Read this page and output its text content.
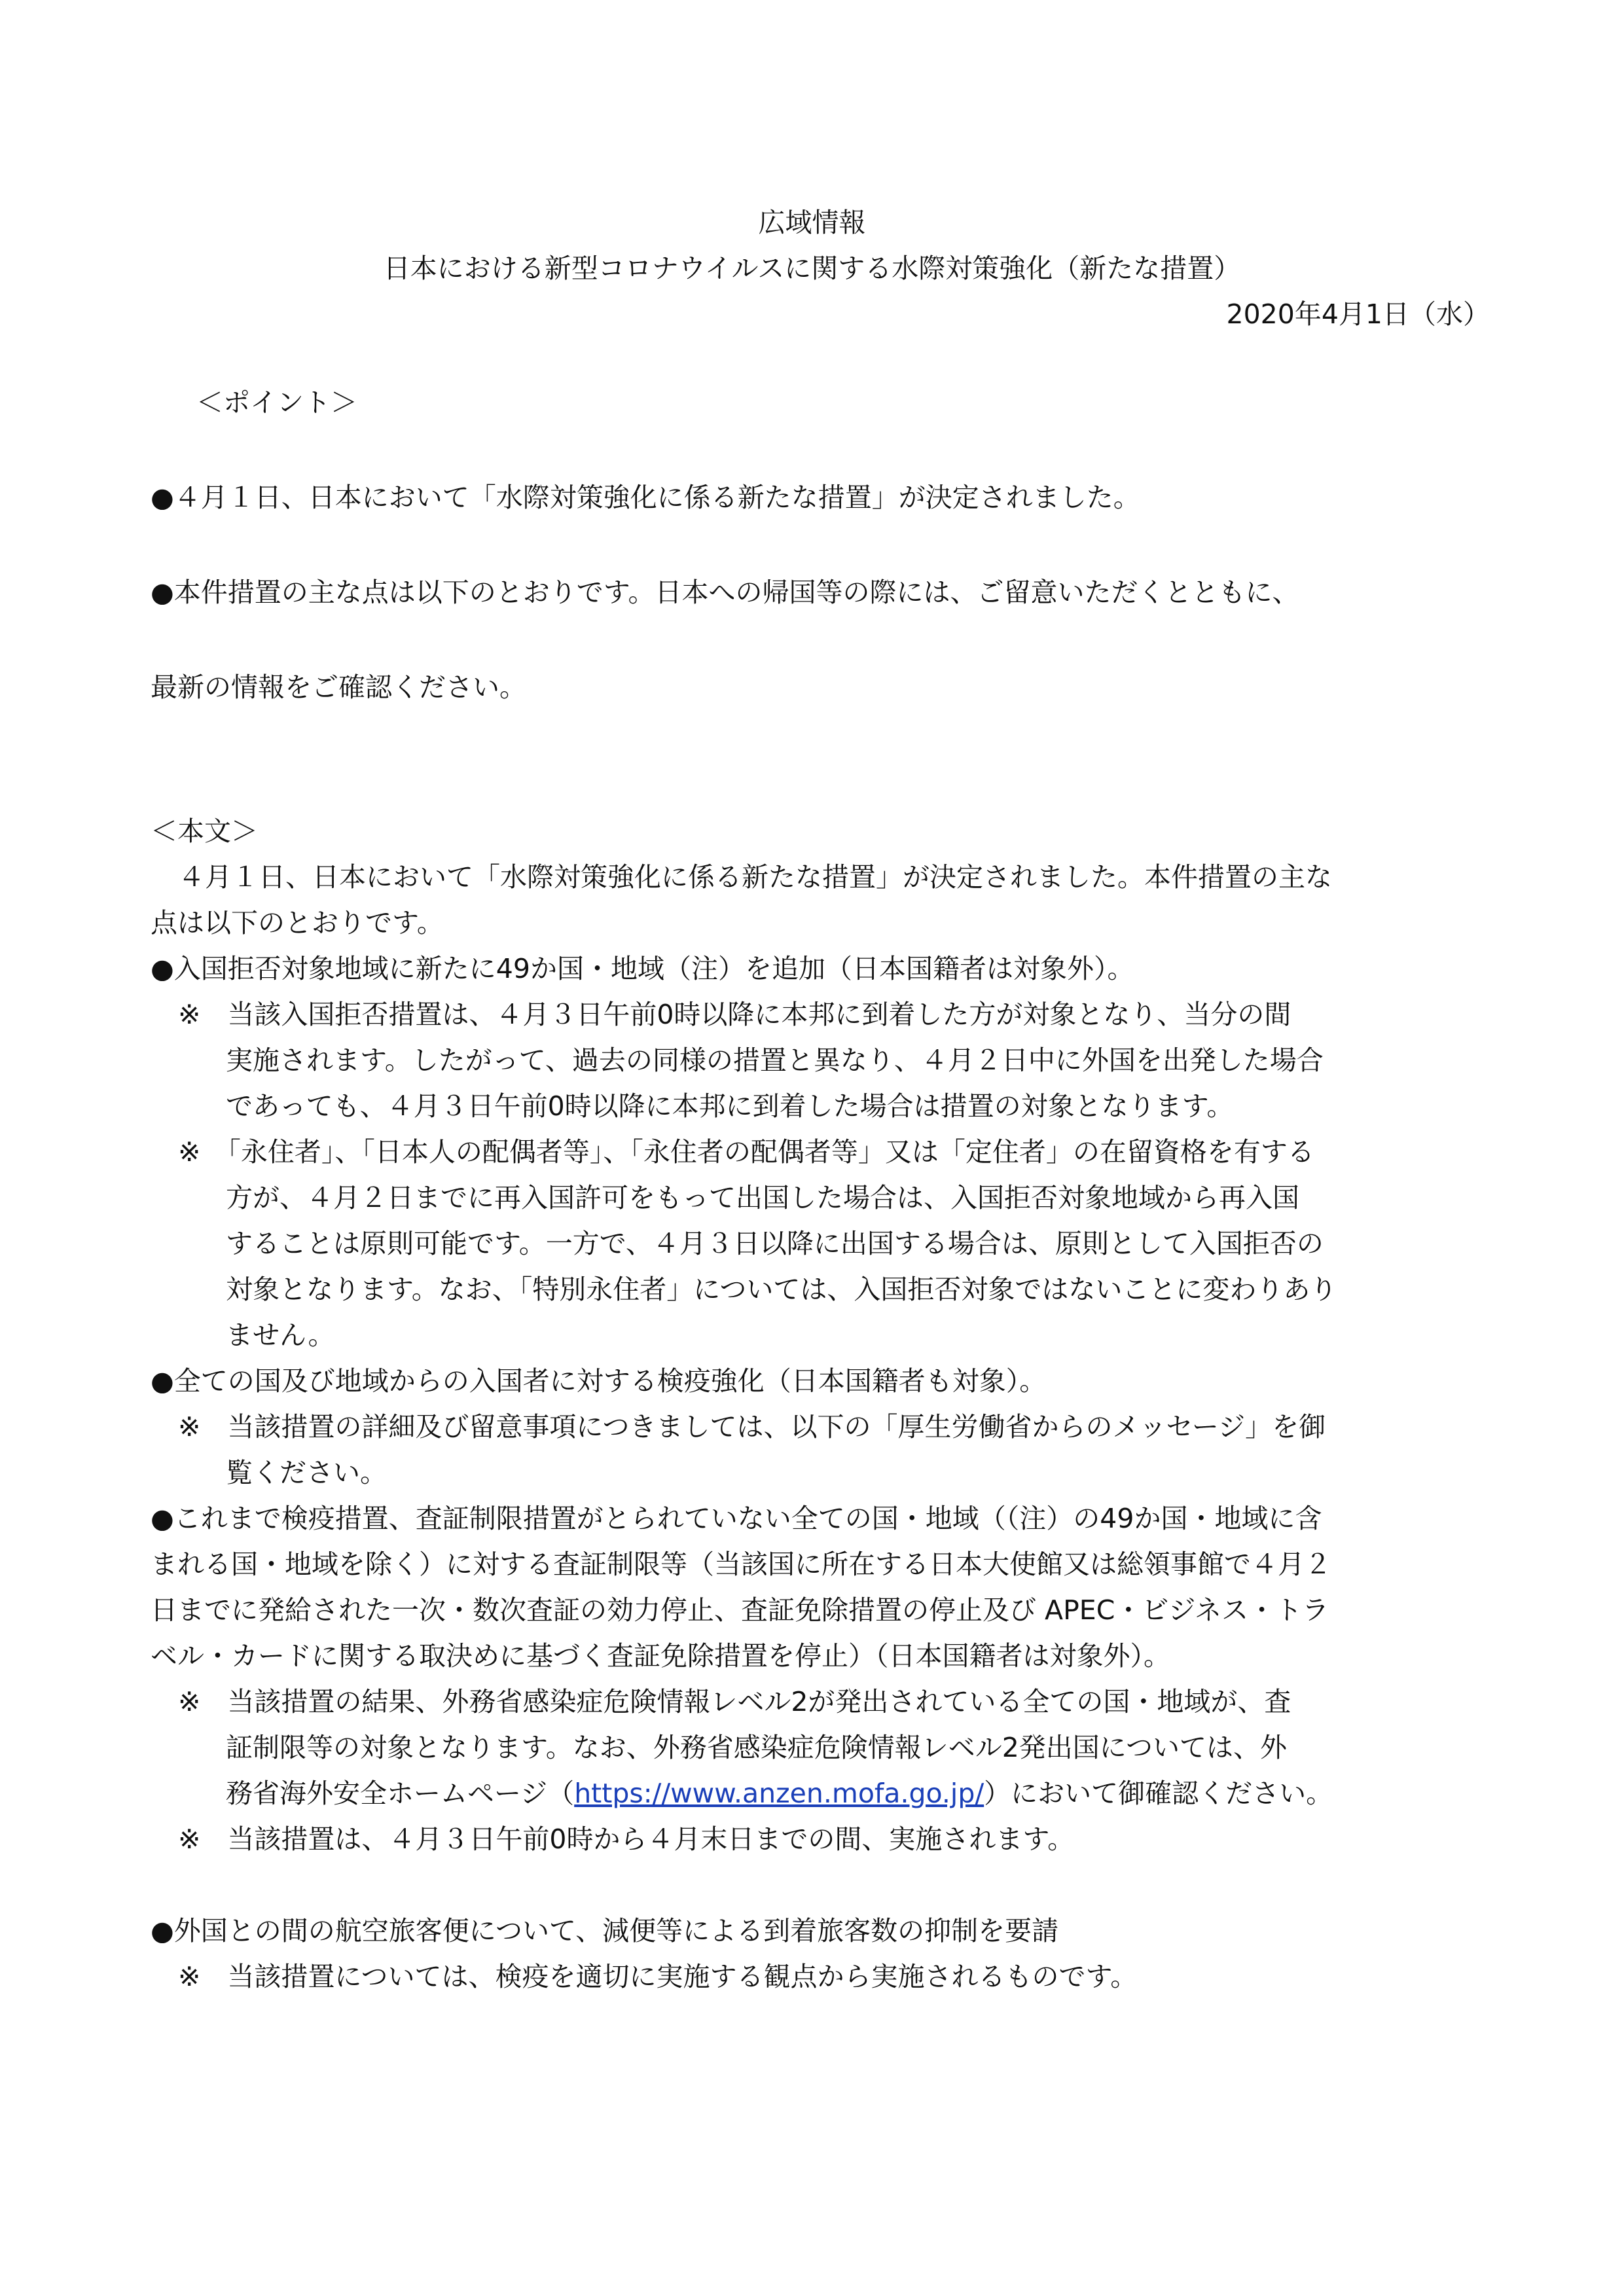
広域情報

日本における新型コロナウイルスに関する水際対策強化（新たな措置）

2020年4月1日（水）

＜ポイント＞

●４月１日、日本において「水際対策強化に係る新たな措置」が決定されました。

●本件措置の主な点は以下のとおりです。日本への帰国等の際には、ご留意いただくとともに、

最新の情報をご確認ください。

＜本文＞

４月１日、日本において「水際対策強化に係る新たな措置」が決定されました。本件措置の主な

点は以下のとおりです。

●入国拒否対象地域に新たに49か国・地域（注）を追加（日本国籍者は対象外）。

※　当該入国拒否措置は、４月３日午前0時以降に本邦に到着した方が対象となり、当分の間

実施されます。したがって、過去の同様の措置と異なり、４月２日中に外国を出発した場合

であっても、４月３日午前0時以降に本邦に到着した場合は措置の対象となります。

※　「永住者」、「日本人の配偶者等」、「永住者の配偶者等」又は「定住者」の在留資格を有する

方が、４月２日までに再入国許可をもって出国した場合は、入国拒否対象地域から再入国

することは原則可能です。一方で、４月３日以降に出国する場合は、原則として入国拒否の

対象となります。なお、「特別永住者」については、入国拒否対象ではないことに変わりあり

ません。

●全ての国及び地域からの入国者に対する検疫強化（日本国籍者も対象）。

※　当該措置の詳細及び留意事項につきましては、以下の「厚生労働省からのメッセージ」を御

覧ください。

●これまで検疫措置、査証制限措置がとられていない全ての国・地域（（注）の49か国・地域に含

まれる国・地域を除く）に対する査証制限等（当該国に所在する日本大使館又は総領事館で４月２

日までに発給された一次・数次査証の効力停止、査証免除措置の停止及び APEC・ビジネス・トラ

ベル・カードに関する取決めに基づく査証免除措置を停止）（日本国籍者は対象外）。

※　当該措置の結果、外務省感染症危険情報レベル2が発出されている全ての国・地域が、査

証制限等の対象となります。なお、外務省感染症危険情報レベル2発出国については、外

務省海外安全ホームページ（https://www.anzen.mofa.go.jp/）において御確認ください。

※　当該措置は、４月３日午前0時から４月末日までの間、実施されます。

●外国との間の航空旅客便について、減便等による到着旅客数の抑制を要請

※　当該措置については、検疫を適切に実施する観点から実施されるものです。
